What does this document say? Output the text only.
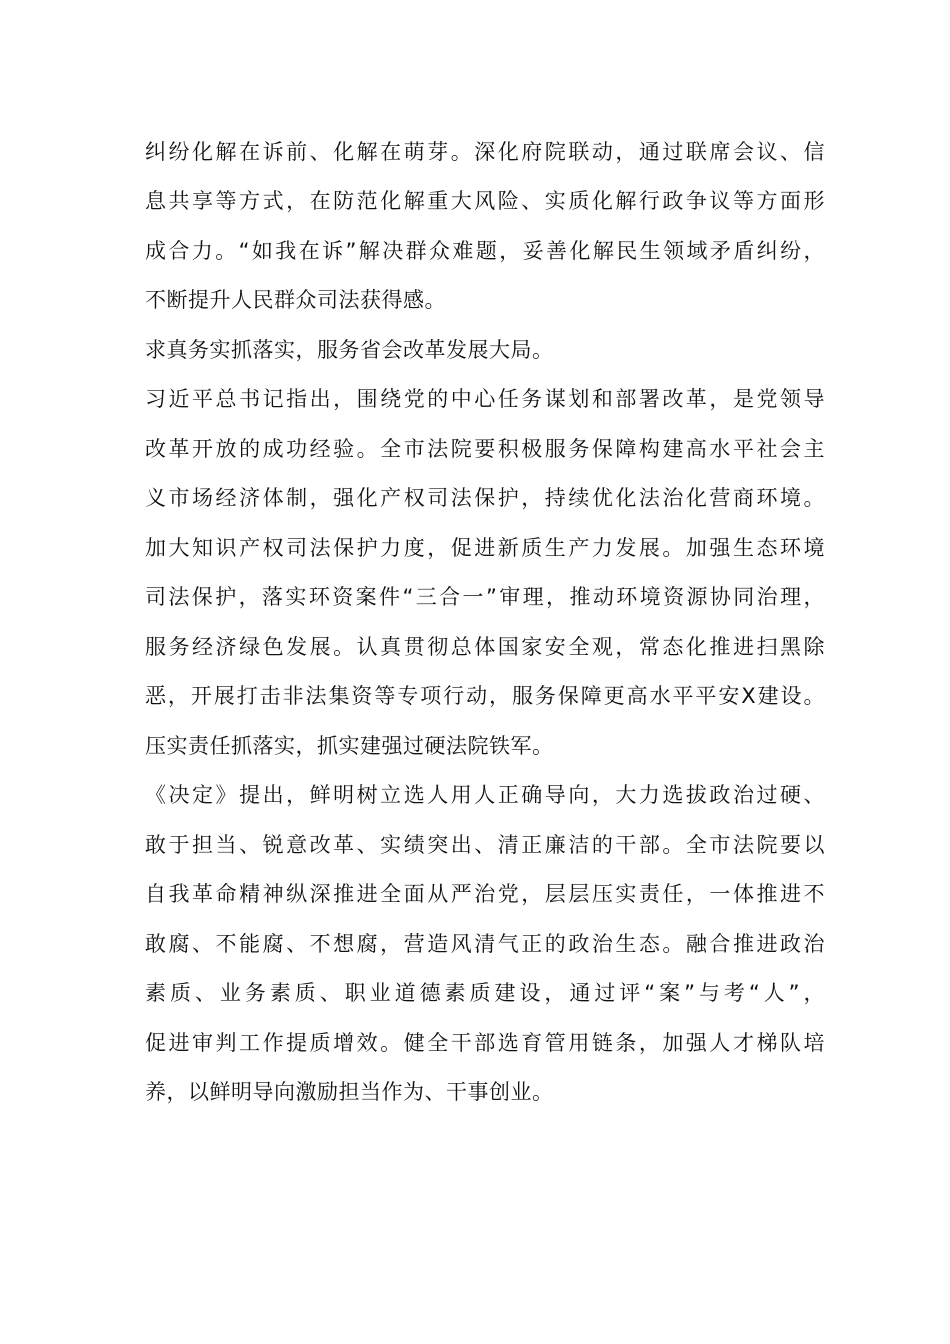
纠纷化解在诉前、化解在萌芽。深化府院联动，通过联席会议、信

息共享等方式，在防范化解重大风险、实质化解行政争议等方面形

成合力。“如我在诉”解决群众难题，妥善化解民生领域矛盾纠纷，

不断提升人民群众司法获得感。

求真务实抓落实，服务省会改革发展大局。

习近平总书记指出，围绕党的中心任务谋划和部署改革，是党领导

改革开放的成功经验。全市法院要积极服务保障构建高水平社会主

义市场经济体制，强化产权司法保护，持续优化法治化营商环境。

加大知识产权司法保护力度，促进新质生产力发展。加强生态环境

司法保护，落实环资案件“三合一”审理，推动环境资源协同治理，

服务经济绿色发展。认真贯彻总体国家安全观，常态化推进扫黑除

恶，开展打击非法集资等专项行动，服务保障更高水平平安X建设。

压实责任抓落实，抓实建强过硬法院铁军。

《决定》提出，鲜明树立选人用人正确导向，大力选拔政治过硬、

敢于担当、锐意改革、实绩突出、清正廉洁的干部。全市法院要以

自我革命精神纵深推进全面从严治党，层层压实责任，一体推进不

敢腐、不能腐、不想腐，营造风清气正的政治生态。融合推进政治

素质、业务素质、职业道德素质建设，通过评“案”与考“人”，

促进审判工作提质增效。健全干部选育管用链条，加强人才梯队培

养，以鲜明导向激励担当作为、干事创业。
